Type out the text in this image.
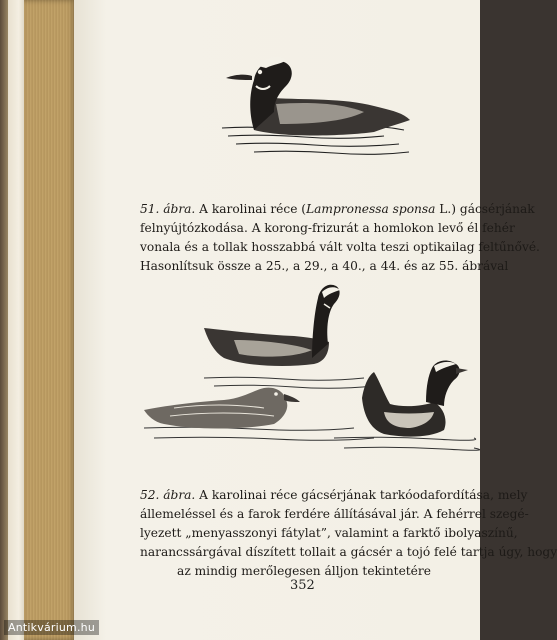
51. ábra. A karolinai réce (Lampronessa sponsa L.) gácsérjának
felnyújtózkodása. A korong-frizurát a homlokon levő él fehér
vonala és a tollak hosszabbá vált volta teszi optikailag feltűnővé.
Hasonlítsuk össze a 25., a 29., a 40., a 44. és az 55. ábrával
52. ábra. A karolinai réce gácsérjának tarkóodafordítása, mely
állemeléssel és a farok ferdére állításával jár. A fehérrel szegé-
lyezett „menyasszonyi fátylat”, valamint a farktő ibolyaszínű,
narancssárgával díszített tollait a gácsér a tojó felé tartja úgy, hogy
az mindig merőlegesen álljon tekintetére
352
Antikvárium.hu
